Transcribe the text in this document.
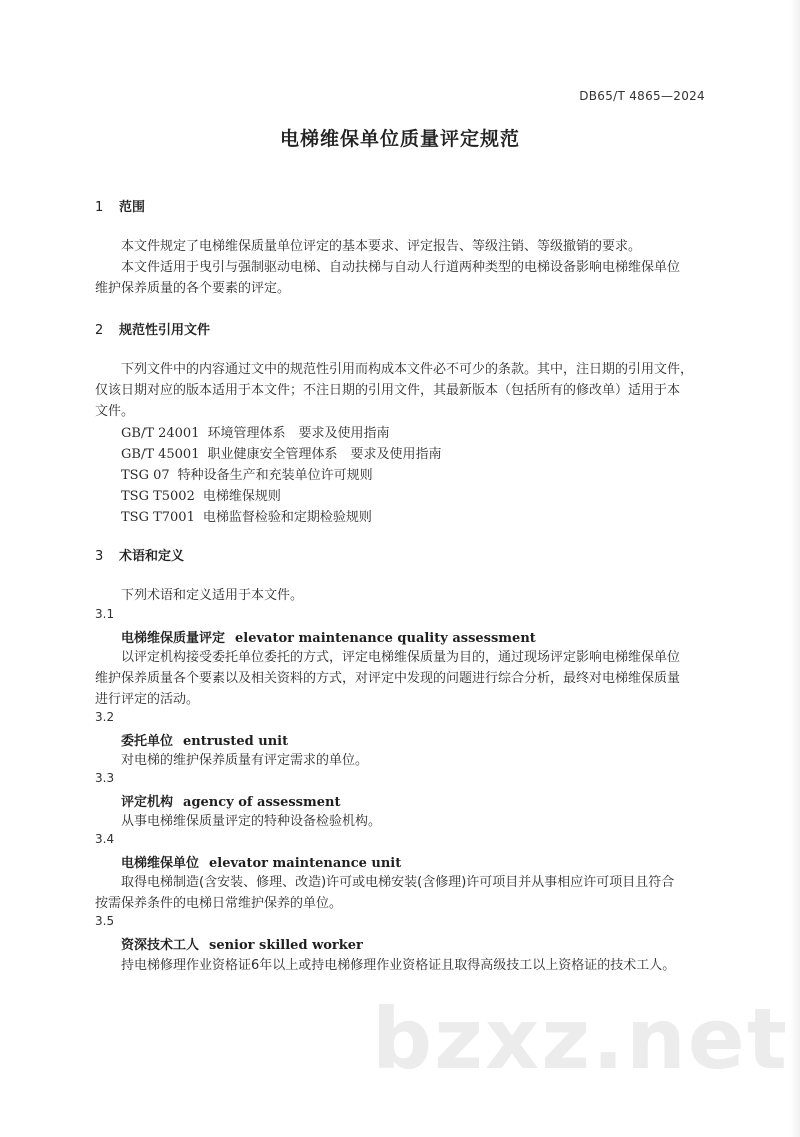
DB65/T 4865—2024
电梯维保单位质量评定规范
1 范围
本文件规定了电梯维保质量单位评定的基本要求、评定报告、等级注销、等级撤销的要求。
本文件适用于曳引与强制驱动电梯、自动扶梯与自动人行道两种类型的电梯设备影响电梯维保单位
维护保养质量的各个要素的评定。
2 规范性引用文件
下列文件中的内容通过文中的规范性引用而构成本文件必不可少的条款。其中，注日期的引用文件，
仅该日期对应的版本适用于本文件；不注日期的引用文件，其最新版本（包括所有的修改单）适用于本
文件。
GB/T 24001 环境管理体系　要求及使用指南
GB/T 45001 职业健康安全管理体系　要求及使用指南
TSG 07 特种设备生产和充装单位许可规则
TSG T5002 电梯维保规则
TSG T7001 电梯监督检验和定期检验规则
3 术语和定义
下列术语和定义适用于本文件。
3.1
电梯维保质量评定 elevator maintenance quality assessment
以评定机构接受委托单位委托的方式，评定电梯维保质量为目的，通过现场评定影响电梯维保单位
维护保养质量各个要素以及相关资料的方式，对评定中发现的问题进行综合分析，最终对电梯维保质量
进行评定的活动。
3.2
委托单位 entrusted unit
对电梯的维护保养质量有评定需求的单位。
3.3
评定机构 agency of assessment
从事电梯维保质量评定的特种设备检验机构。
3.4
电梯维保单位 elevator maintenance unit
取得电梯制造(含安装、修理、改造)许可或电梯安装(含修理)许可项目并从事相应许可项目且符合
按需保养条件的电梯日常维护保养的单位。
3.5
资深技术工人 senior skilled worker
持电梯修理作业资格证6年以上或持电梯修理作业资格证且取得高级技工以上资格证的技术工人。
bzxz.net
